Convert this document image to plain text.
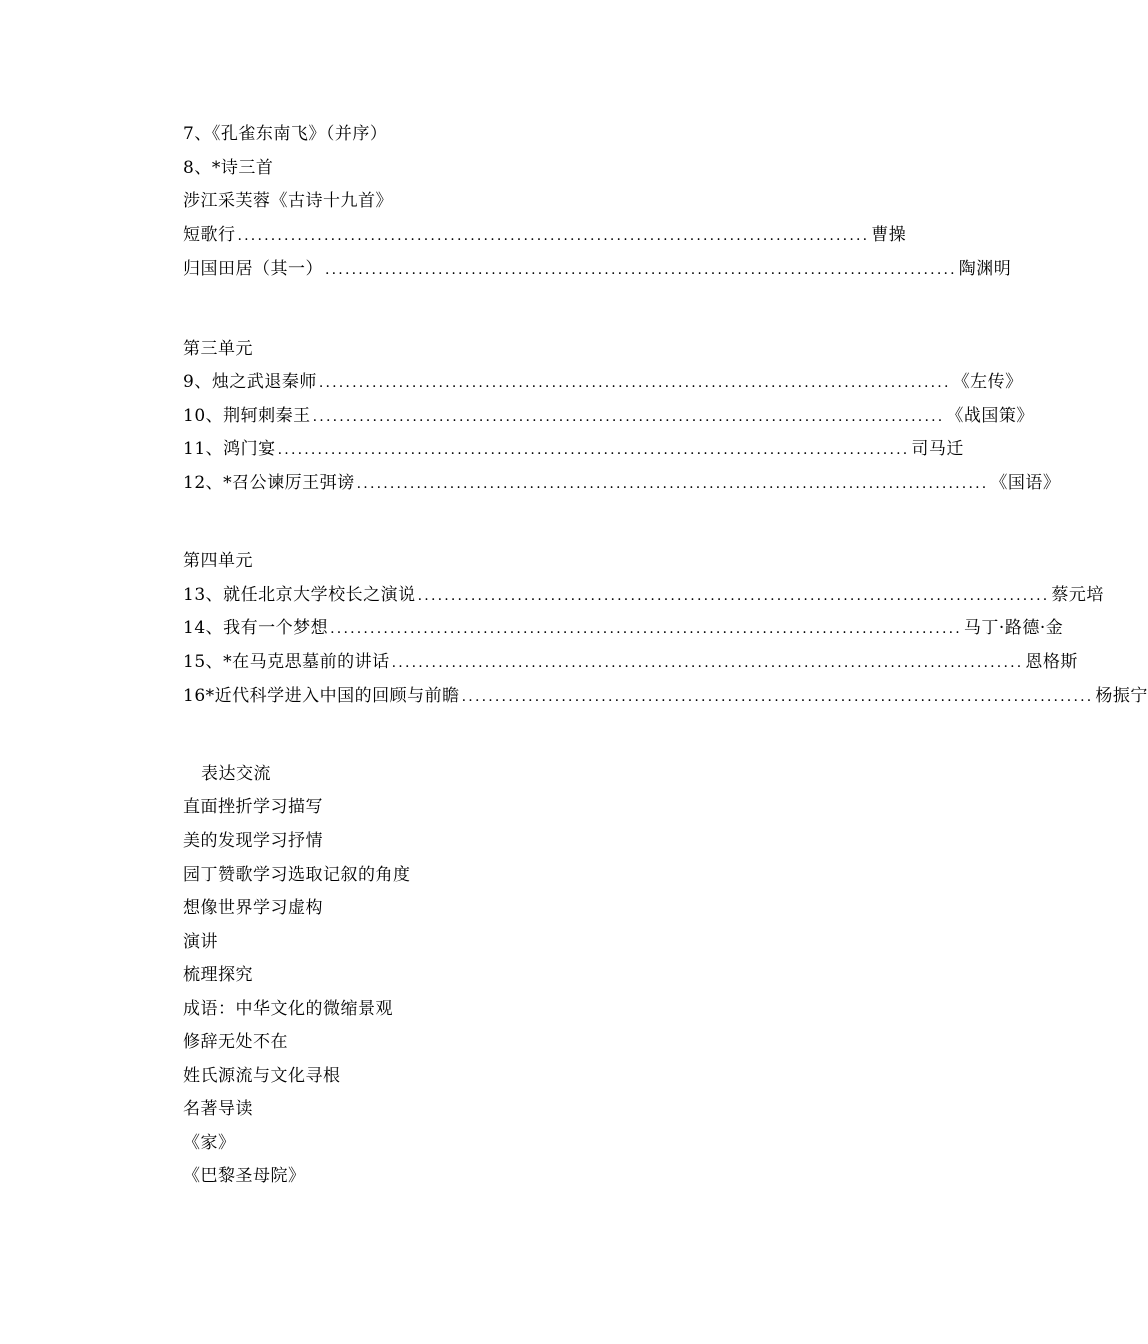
7、《孔雀东南飞》（并序）
8、*诗三首
涉江采芙蓉《古诗十九首》
短歌行 ............................................................................................... 曹操
归国田居（其一） ............................................................................................... 陶渊明
第三单元
9、烛之武退秦师 ............................................................................................... 《左传》
10、荆轲刺秦王 ............................................................................................... 《战国策》
11、鸿门宴 ............................................................................................... 司马迁
12、*召公谏厉王弭谤 ............................................................................................... 《国语》
第四单元
13、就任北京大学校长之演说 ............................................................................................... 蔡元培
14、我有一个梦想 ............................................................................................... 马丁·路德·金
15、*在马克思墓前的讲话 ............................................................................................... 恩格斯
16*近代科学进入中国的回顾与前瞻 ............................................................................................... 杨振宁
表达交流
直面挫折学习描写
美的发现学习抒情
园丁赞歌学习选取记叙的角度
想像世界学习虚构
演讲
梳理探究
成语：中华文化的微缩景观
修辞无处不在
姓氏源流与文化寻根
名著导读
《家》
《巴黎圣母院》
